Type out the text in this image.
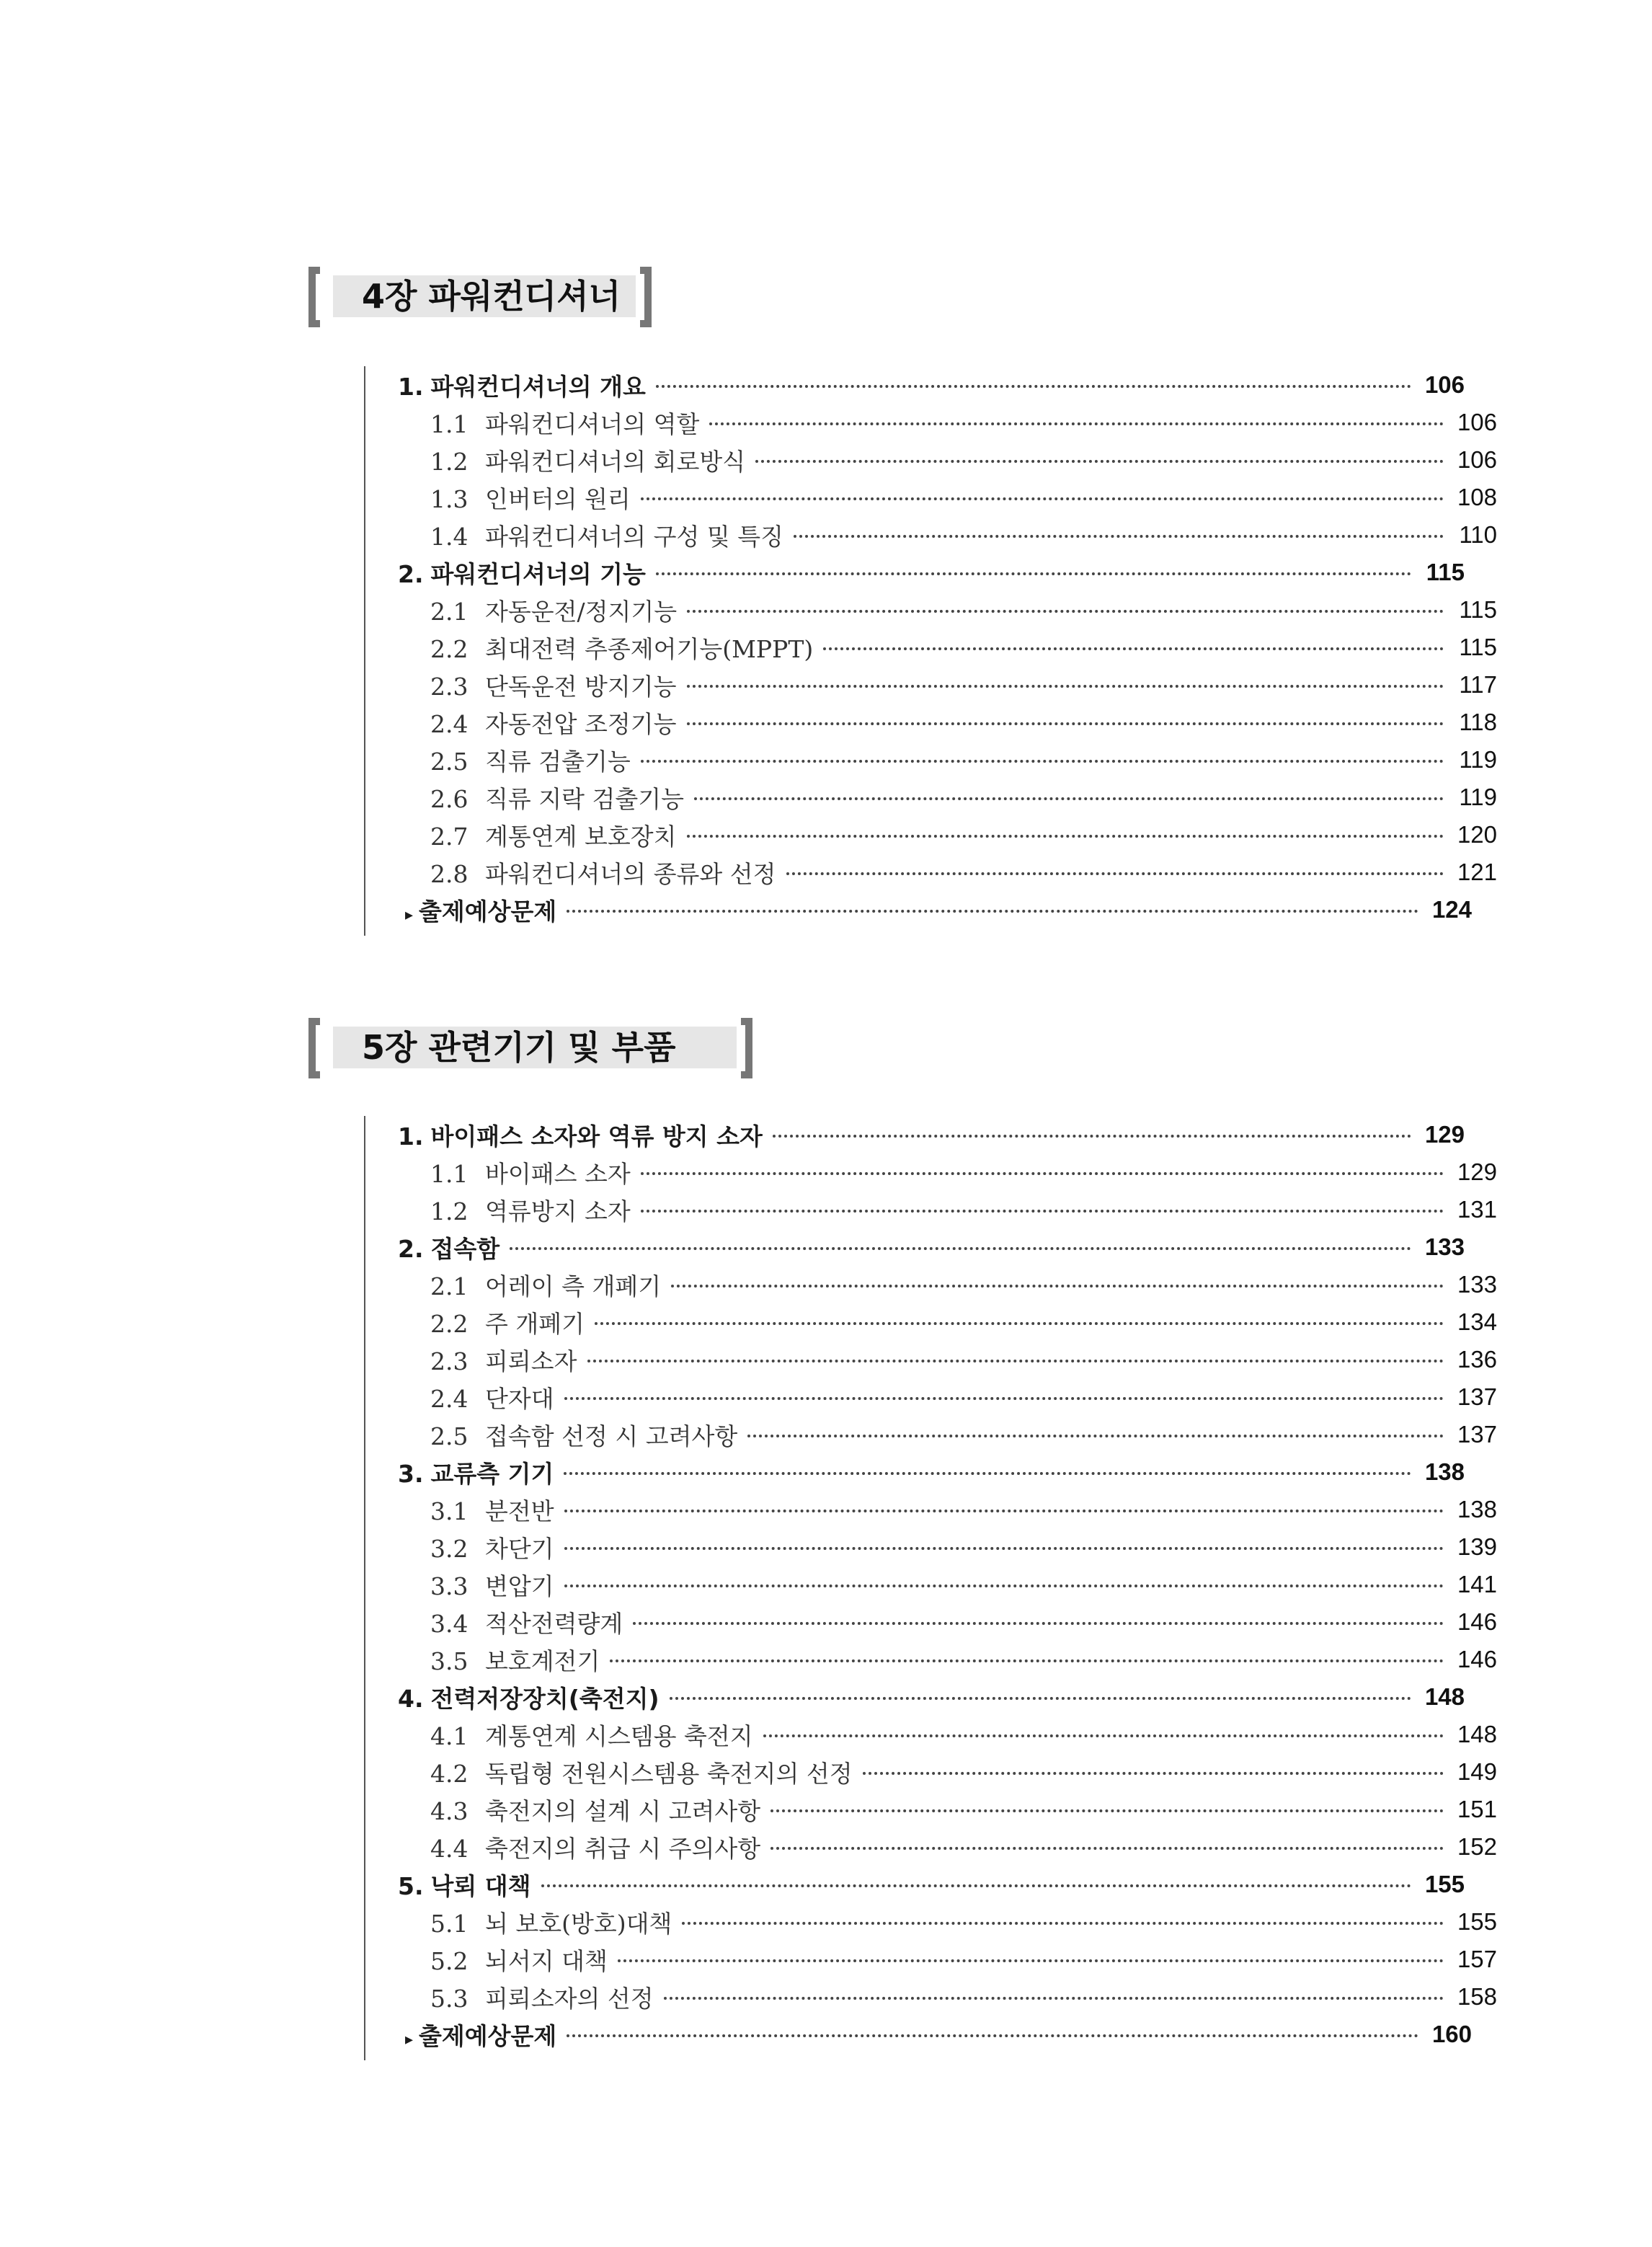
4장 파워컨디셔너
1. 파워컨디셔너의 개요	106
1.1 파워컨디셔너의 역할	106
1.2 파워컨디셔너의 회로방식	106
1.3 인버터의 원리	108
1.4 파워컨디셔너의 구성 및 특징	110
2. 파워컨디셔너의 기능	115
2.1 자동운전/정지기능	115
2.2 최대전력 추종제어기능(MPPT)	115
2.3 단독운전 방지기능	117
2.4 자동전압 조정기능	118
2.5 직류 검출기능	119
2.6 직류 지락 검출기능	119
2.7 계통연계 보호장치	120
2.8 파워컨디셔너의 종류와 선정	121
▸ 출제예상문제	124
5장 관련기기 및 부품
1. 바이패스 소자와 역류 방지 소자	129
1.1 바이패스 소자	129
1.2 역류방지 소자	131
2. 접속함	133
2.1 어레이 측 개폐기	133
2.2 주 개폐기	134
2.3 피뢰소자	136
2.4 단자대	137
2.5 접속함 선정 시 고려사항	137
3. 교류측 기기	138
3.1 분전반	138
3.2 차단기	139
3.3 변압기	141
3.4 적산전력량계	146
3.5 보호계전기	146
4. 전력저장장치(축전지)	148
4.1 계통연계 시스템용 축전지	148
4.2 독립형 전원시스템용 축전지의 선정	149
4.3 축전지의 설계 시 고려사항	151
4.4 축전지의 취급 시 주의사항	152
5. 낙뢰 대책	155
5.1 뇌 보호(방호)대책	155
5.2 뇌서지 대책	157
5.3 피뢰소자의 선정	158
▸ 출제예상문제	160
